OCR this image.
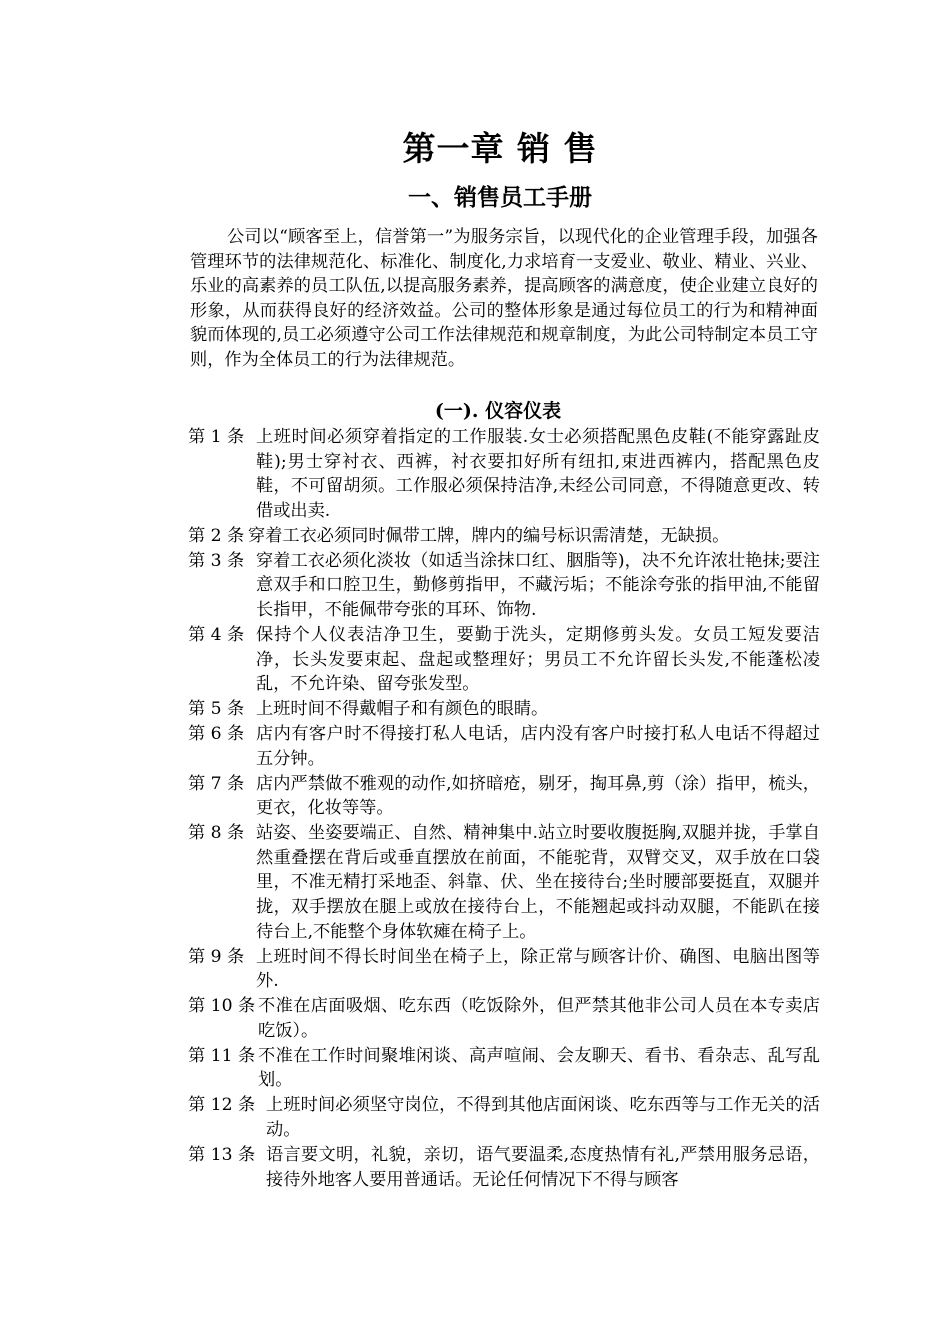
第一章 销 售
一、销售员工手册

公司以“顾客至上，信誉第一”为服务宗旨，以现代化的企业管理手段，加强各管理环节的法律规范化、标准化、制度化,力求培育一支爱业、敬业、精业、兴业、乐业的高素养的员工队伍,以提高服务素养，提高顾客的满意度，使企业建立良好的形象，从而获得良好的经济效益。公司的整体形象是通过每位员工的行为和精神面貌而体现的,员工必须遵守公司工作法律规范和规章制度，为此公司特制定本员工守则，作为全体员工的行为法律规范。

(一). 仪容仪表
第 1 条 上班时间必须穿着指定的工作服装.女士必须搭配黑色皮鞋(不能穿露趾皮鞋);男士穿衬衣、西裤，衬衣要扣好所有纽扣,束进西裤内，搭配黑色皮鞋，不可留胡须。工作服必须保持洁净,未经公司同意，不得随意更改、转借或出卖.
第 2 条 穿着工衣必须同时佩带工牌，牌内的编号标识需清楚，无缺损。
第 3 条 穿着工衣必须化淡妆（如适当涂抹口红、胭脂等)，决不允许浓壮艳抹;要注意双手和口腔卫生，勤修剪指甲，不藏污垢；不能涂夸张的指甲油,不能留长指甲，不能佩带夸张的耳环、饰物.
第 4 条 保持个人仪表洁净卫生，要勤于洗头，定期修剪头发。女员工短发要洁净，长头发要束起、盘起或整理好；男员工不允许留长头发,不能蓬松凌乱，不允许染、留夸张发型。
第 5 条 上班时间不得戴帽子和有颜色的眼睛。
第 6 条 店内有客户时不得接打私人电话，店内没有客户时接打私人电话不得超过五分钟。
第 7 条 店内严禁做不雅观的动作,如挤暗疮，剔牙，掏耳鼻,剪（涂）指甲，梳头，更衣，化妆等等。
第 8 条 站姿、坐姿要端正、自然、精神集中.站立时要收腹挺胸,双腿并拢，手掌自然重叠摆在背后或垂直摆放在前面，不能驼背，双臂交叉，双手放在口袋里，不准无精打采地歪、斜靠、伏、坐在接待台;坐时腰部要挺直，双腿并拢，双手摆放在腿上或放在接待台上，不能翘起或抖动双腿，不能趴在接待台上,不能整个身体软瘫在椅子上。
第 9 条 上班时间不得长时间坐在椅子上，除正常与顾客计价、确图、电脑出图等外.
第 10 条 不准在店面吸烟、吃东西（吃饭除外，但严禁其他非公司人员在本专卖店吃饭）。
第 11 条 不准在工作时间聚堆闲谈、高声喧闹、会友聊天、看书、看杂志、乱写乱划。
第 12 条 上班时间必须坚守岗位，不得到其他店面闲谈、吃东西等与工作无关的活动。
第 13 条 语言要文明，礼貌，亲切，语气要温柔,态度热情有礼,严禁用服务忌语，接待外地客人要用普通话。无论任何情况下不得与顾客
